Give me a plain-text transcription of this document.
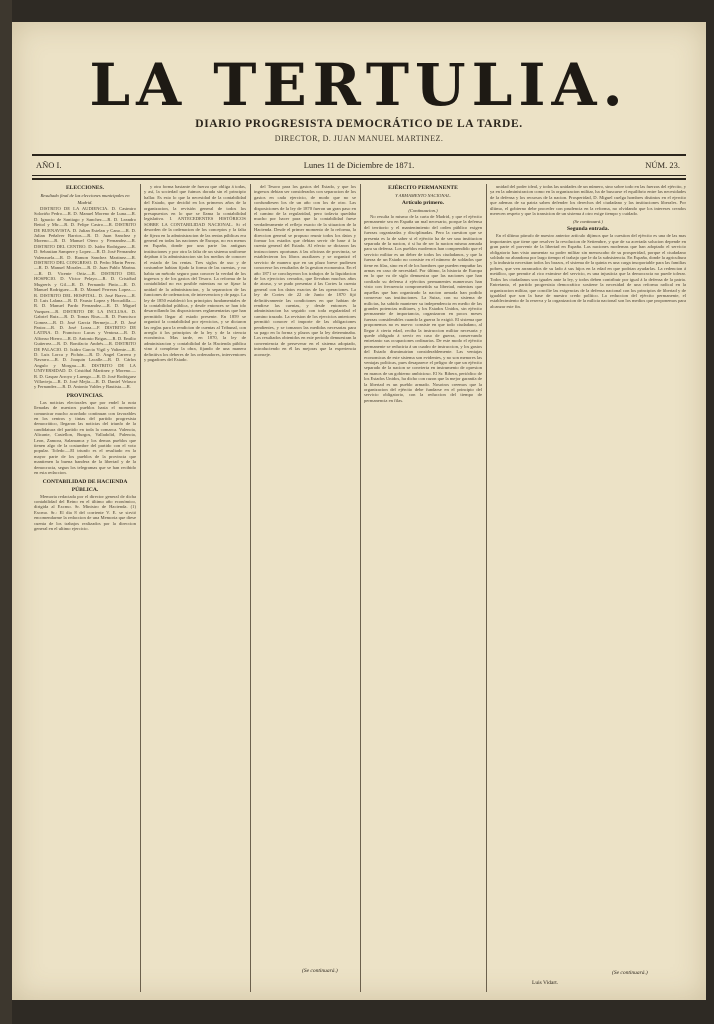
LA TERTULIA.
DIARIO PROGRESISTA DEMOCRÁTICO DE LA TARDE.
DIRECTOR, D. JUAN MANUEL MARTINEZ.
AÑO I.	Lunes 11 de Diciembre de 1871.	NÚM. 23.
ELECCIONES.
Resultado final de las elecciones municipales en Madrid.

DISTRITO DE LA AUDIENCIA. D. Casimiro Soloriño Pedro.—R. D. Manuel Moreno de Luna.—R. D. Ignacio de Santiago y Sanchez.—R. D. Leandro Bettol y Mir.—R. D. Felipe Castro.—R. DISTRITO DE BUENAVISTA. D. Julian Estelan y Cano.—R. D. Julian Peñalver Barrios.—R. D. Juan Sanchez y Moreno.—R. D. Manuel Otero y Fernandez.—R. DISTRITO DEL CENTRO. D. Isidro Rodriguez.—R. D. Sebastian Sampere y Lopez.—R. D. José Fernandez Valenzuela.—R. D. Ramon Sanchez Martinez.—R. DISTRITO DEL CONGRESO. D. Pedro Marin Perez.—R. D. Manuel Morales.—R. D. Juan Pablo Marina.—R. D. Vicente Ortiz.—R. DISTRITO DEL HOSPICIO. D. Víctor Pelayo.—R. D. Cristóbal Mugrerís y Gil.—R. D. Fernando Pinto.—R. D. Manuel Rodriguez.—R. D. Manuel Ferreras Lopez.—R. DISTRITO DEL HOSPITAL. D. José Bravo.—R. D. Luis Lalana.—R. D. Fausto Lopez y Horcadilla.—R. D. Manuel Pardo Fernandez.—R. D. Miguel Vazquez.—R. DISTRITO DE LA INCLUSA. D. Gabriel Ruiz.—R. D. Tomas Rius.—R. D. Francisco Gomez.—R. D. José Garcia Bermejo.—F. D. José Pastor.—R. D. José Lorza.—F. DISTRITO DE LATINA. D. Francisco Lucas y Ventosa.—R. D. Alfonso Hierro.—R. D. Antonio Brigas.—R. D. Emilio Gutierrez.—R. D. Bonifacio Andrés.—R. DISTRITO DE PALACIO. D. Isidro Garcia Vigil y Valiente.—R. D. Luis Lorca y Pichón.—R. D. Angel Carrera y Navarro.—R. D. Joaquin Lacalle.—R. D. Cárlos Angulo y Morgau.—R. DISTRITO DE LA UNIVERSIDAD. D. Cristóbal Martinez y Moreno.—R. D. Gaspar Arroyo y Luengo.—R. D. José Rodriguez Villavieja.—R. D. José Mejía.—R. D. Daniel Velasco y Fernandez.—R. D. Antonio Valdes y Bautista.—R.

PROVINCIAS.

Las noticias electorales que por endel la nota llenadas de nuestros pueblos hasta el momento comunicar mucho acordado continuan con favorables en los centros y tintas del partido progresista democrático, llegaron las noticias del triunfo de la candidatura del partido en toda la comarca. Valencia, Alicante, Castellon, Burgos, Valladolid, Palencia, Leon, Zamora, Salamanca y los demas pueblos que tienen algo de la costumbre del partido con el voto popular. Toledo.—El triunfo es el resultado en la mayor parte de los pueblos de la provincia que mantienen la buena bandera de la libertad y de la democracia, segun los telegramas que se han recibido en esta redaccion.

CONTABILIDAD DE HACIENDA PÚBLICA.

Memoria redactada por el director general de dicha contabilidad del Reino en el último año económico, dirigida al Excmo. Sr. Ministro de Hacienda. (1) Excmo. Sr.: El dia 8 del corriente V. E. se sirvió encomendarme la redaccion de una Memoria que diese cuenta de los trabajos realizados por la direccion general en el ultimo ejercicio.

y otra forma bastante de fuerza que obliga á todas, y así, la sociedad que fuimos dorada sin el principio hallar. Es esto lo que la necesidad de la contabilidad del Estado, que decidió en los primeros años de la organizacion, la revisión general de todos los presupuestos en lo que se llama la contabilidad legislativa. I. ANTECEDENTES HISTÓRICOS SOBRE LA CONTABILIDAD NACIONAL. Si el desorden de la ordenacion de los conceptos y la falta de fijeza en la administracion de las rentas públicas era general en todas las naciones de Europa, no era menos en España, donde por una parte las antiguas instituciones y por otra la falta de un sistema uniforme dejaban á la administracion sin los medios de conocer el estado de las rentas. Tres siglos de uso y de costumbre habian fijado la forma de las cuentas, y no habia un método seguro para conocer la verdad de los ingresos y de los gastos del Tesoro. La reforma de la contabilidad no era posible mientras no se fijase la unidad de la administracion, y la separacion de las funciones de ordenacion, de intervencion y de pago. La ley de 1850 estableció los principios fundamentales de la contabilidad pública, y desde entonces se han ido desarrollando las disposiciones reglamentarias que han permitido llegar al estado presente. En 1859 se organizó la contabilidad por ejercicios, y se dictaron las reglas para la rendicion de cuentas al Tribunal, con arreglo á los principios de la ley y de la ciencia económica. Mas tarde, en 1870, la ley de administracion y contabilidad de la Hacienda pública vino á completar la obra, fijando de una manera definitiva los deberes de los ordenadores, interventores y pagadores del Estado.

del Tesoro para los gastos del Estado, y que los ingresos debian ser considerados con separacion de los gastos en cada ejercicio, de modo que no se confundiesen los de un año con los de otro. Las disposiciones de la ley de 1870 fueron un gran paso en el camino de la regularidad, pero todavia quedaba mucho por hacer para que la contabilidad fuese verdaderamente el reflejo exacto de la situacion de la Hacienda. Desde el primer momento de la reforma, la direccion general se propuso reunir todos los datos y formar los estados que debian servir de base á la cuenta general del Estado. Al efecto se dictaron las instrucciones oportunas á las oficinas de provincia, se establecieron los libros auxiliares y se organizó el servicio de manera que en un plazo breve pudiesen conocerse los resultados de la gestion economica. En el año 1871 se concluyeron los trabajos de la liquidacion de los ejercicios cerrados, que llevaban muchos años de atraso, y se pudo presentar á las Cortes la cuenta general con los datos exactos de las operaciones. La ley de Cortes de 22 de Junio de 1870 fijó definitivamente las condiciones en que habian de rendirse las cuentas, y desde entonces la administracion ha seguido con toda regularidad el camino trazado. La revision de los ejercicios anteriores permitió conocer el importe de las obligaciones pendientes, y se tomaron las medidas necesarias para su pago en la forma y plazos que la ley determinaba. Los resultados obtenidos en este periodo demuestran la conveniencia de perseverar en el sistema adoptado, introduciendo en él las mejoras que la experiencia aconseje.

(Se continuará.)
EJÉRCITO PERMANENTE
Y ARMAMENTO NACIONAL.
Artículo primero.
(Continuacion.)

No resulta lo mismo de la carta de Madrid, y que el ejército permanente sea en España un mal necesario, porque la defensa del territorio y el mantenimiento del orden público exigen fuerzas organizadas y disciplinadas. Pero la cuestion que se presenta es la de saber si el ejército ha de ser una institucion separada de la nacion, ó si ha de ser la nacion misma armada para su defensa. Los pueblos modernos han comprendido que el servicio militar es un deber de todos los ciudadanos, y que la fuerza de un Estado no consiste en el número de soldados que tiene en filas, sino en el de los hombres que pueden empuñar las armas en caso de necesidad. Por último, la historia de Europa en lo que va de siglo demuestra que las naciones que han confiado su defensa á ejércitos permanentes numerosos han visto con frecuencia comprometida su libertad, mientras que aquellas que han organizado la nacion armada han podido conservar sus instituciones. La Suiza, con su sistema de milicias, ha sabido mantener su independencia en medio de las grandes potencias militares, y los Estados Unidos, sin ejército permanente de importancia, organizaron en pocos meses fuerzas considerables cuando la guerra lo exigió. El sistema que proponemos no es nuevo: consiste en que todo ciudadano, al llegar á cierta edad, reciba la instruccion militar necesaria y quede obligado á servir en caso de guerra, conservando entretanto sus ocupaciones ordinarias. De este modo el ejército permanente se reduciria á un cuadro de instruccion, y los gastos del Estado disminuirian considerablemente. Las ventajas economicas de este sistema son evidentes, y no son menores las ventajas politicas, pues desaparece el peligro de que un ejército separado de la nacion se convierta en instrumento de opresion en manos de un gobierno ambicioso. El Sr. Ribera, periódico de los Estados Unidos, ha dicho con razon que la mejor garantía de la libertad es un pueblo armado. Nosotros creemos que la organizacion del ejército debe fundarse en el principio del servicio obligatorio, con la reduccion del tiempo de permanencia en filas.

unidad del poder ideal, y todas las unidades de un número, sino sobre todo en las fuerzas del ejército, y ya en la administracion como en la organizacion militar, ha de buscarse el equilibrio entre las necesidades de la defensa y los recursos de la nacion. Prosperidad, D. Miguel cuelga hombres distintos en el ejercito que ademas de su patria saben defender los derechos del ciudadano y las instituciones liberales. Por último, el gobierno debe proceder con prudencia en la reforma, no olvidando que los intereses creados merecen respeto y que la transicion de un sistema á otro exige tiempo y cuidado.

(Se continuará.)
Segunda entrada.

En el último párrafo de nuestro anterior artículo dijimos que la cuestion del ejército es una de las mas importantes que tiene que resolver la revolucion de Setiembre, y que de su acertada solucion depende en gran parte el porvenir de la libertad en España. Las naciones modernas que han adoptado el servicio obligatorio han visto aumentar su poder militar sin menoscabo de su prosperidad, porque el ciudadano soldado no abandona por largo tiempo el trabajo que le da la subsistencia. En España, donde la agricultura y la industria necesitan todos los brazos, el sistema de la quinta es una carga insoportable para las familias pobres, que ven arrancados de su lado á sus hijos en la edad en que podrian ayudarlas. La redencion á metálico, que permite al rico eximirse del servicio, es una injusticia que la democracia no puede tolerar. Todos los ciudadanos son iguales ante la ley, y todos deben contribuir por igual á la defensa de la patria. Entretanto, el partido progresista democrático sostiene la necesidad de una reforma radical en la organizacion militar, que concilie las exigencias de la defensa nacional con los principios de libertad y de igualdad que son la base de nuestro credo político. La reduccion del ejército permanente, el establecimiento de la reserva y la organizacion de la milicia nacional son los medios que proponemos para alcanzar este fin.

(Se continuará.)
Luis Vidart.
